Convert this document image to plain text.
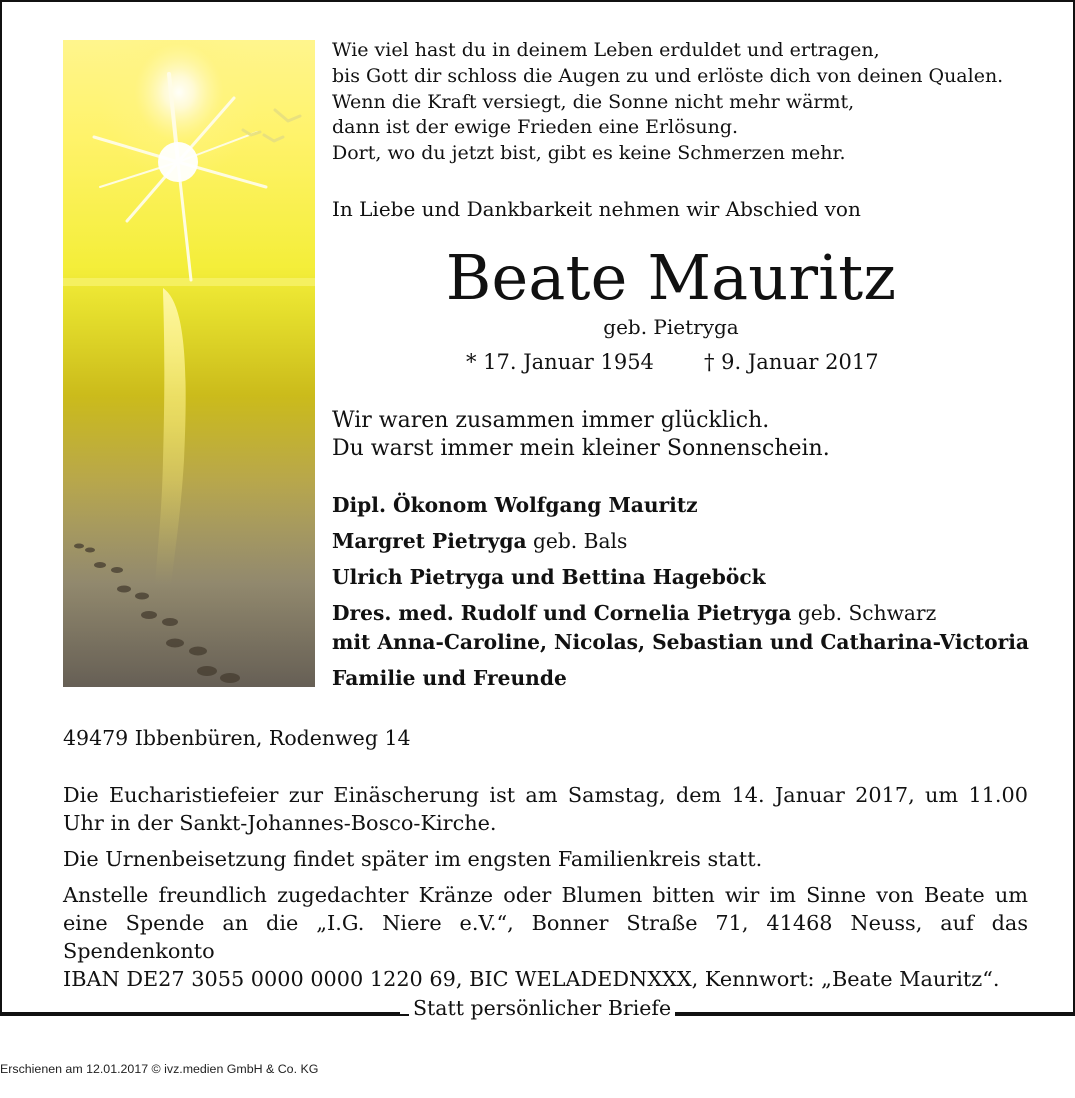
Wie viel hast du in deinem Leben erduldet und ertragen,
bis Gott dir schloss die Augen zu und erlöste dich von deinen Qualen.
Wenn die Kraft versiegt, die Sonne nicht mehr wärmt,
dann ist der ewige Frieden eine Erlösung.
Dort, wo du jetzt bist, gibt es keine Schmerzen mehr.
In Liebe und Dankbarkeit nehmen wir Abschied von
Beate Mauritz
geb. Pietryga
* 17. Januar 1954 † 9. Januar 2017
Wir waren zusammen immer glücklich.
Du warst immer mein kleiner Sonnenschein.
Dipl. Ökonom Wolfgang Mauritz
Margret Pietryga geb. Bals
Ulrich Pietryga und Bettina Hageböck
Dres. med. Rudolf und Cornelia Pietryga geb. Schwarz
mit Anna-Caroline, Nicolas, Sebastian und Catharina-Victoria
Familie und Freunde
49479 Ibbenbüren, Rodenweg 14

Die Eucharistiefeier zur Einäscherung ist am Samstag, dem 14. Januar 2017, um 11.00 Uhr in der Sankt-Johannes-Bosco-Kirche.

Die Urnenbeisetzung findet später im engsten Familienkreis statt.

Anstelle freundlich zugedachter Kränze oder Blumen bitten wir im Sinne von Beate um eine Spende an die „I.G. Niere e.V.“, Bonner Straße 71, 41468 Neuss, auf das Spendenkonto IBAN DE27 3055 0000 0000 1220 69, BIC WELADEDNXXX, Kennwort: „Beate Mauritz“.

Statt persönlicher Briefe
Erschienen am 12.01.2017 © ivz.medien GmbH & Co. KG
